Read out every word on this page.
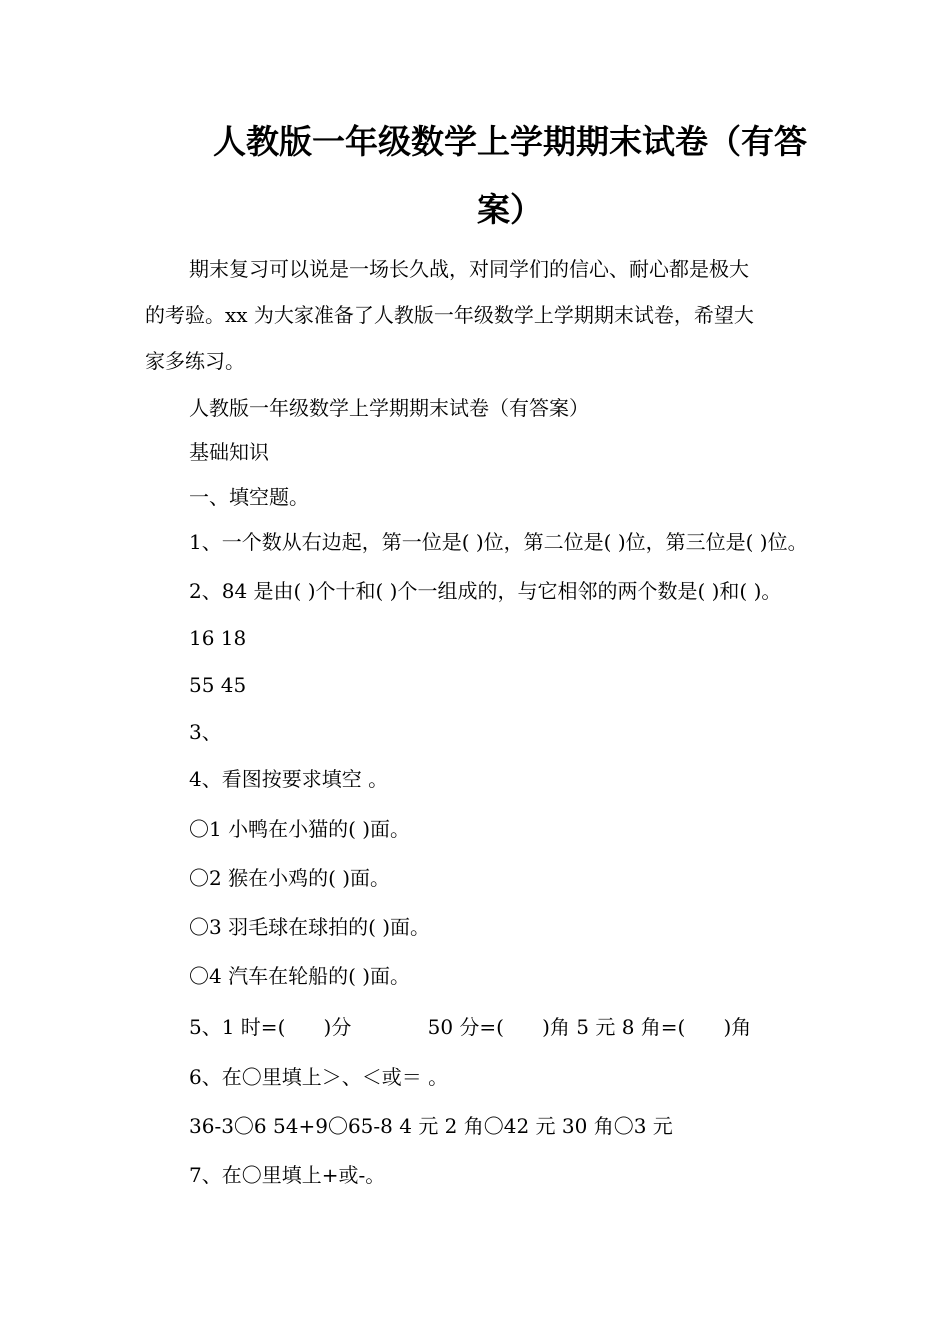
人教版一年级数学上学期期末试卷（有答
案）

期末复习可以说是一场长久战，对同学们的信心、耐心都是极大

的考验。xx 为大家准备了人教版一年级数学上学期期末试卷，希望大

家多练习。

人教版一年级数学上学期期末试卷（有答案）

基础知识

一、填空题。

1、一个数从右边起，第一位是( )位，第二位是( )位，第三位是( )位。

2、84 是由( )个十和( )个一组成的，与它相邻的两个数是( )和( )。

16 18

55 45

3、

4、看图按要求填空 。

〇1 小鸭在小猫的( )面。

〇2 猴在小鸡的( )面。

〇3 羽毛球在球拍的( )面。

〇4 汽车在轮船的( )面。

5、1 时=(      )分            50 分=(      )角 5 元 8 角=(      )角

6、在〇里填上＞、＜或＝ 。

36-3〇6 54+9〇65-8 4 元 2 角〇42 元 30 角〇3 元

7、在〇里填上+或-。
